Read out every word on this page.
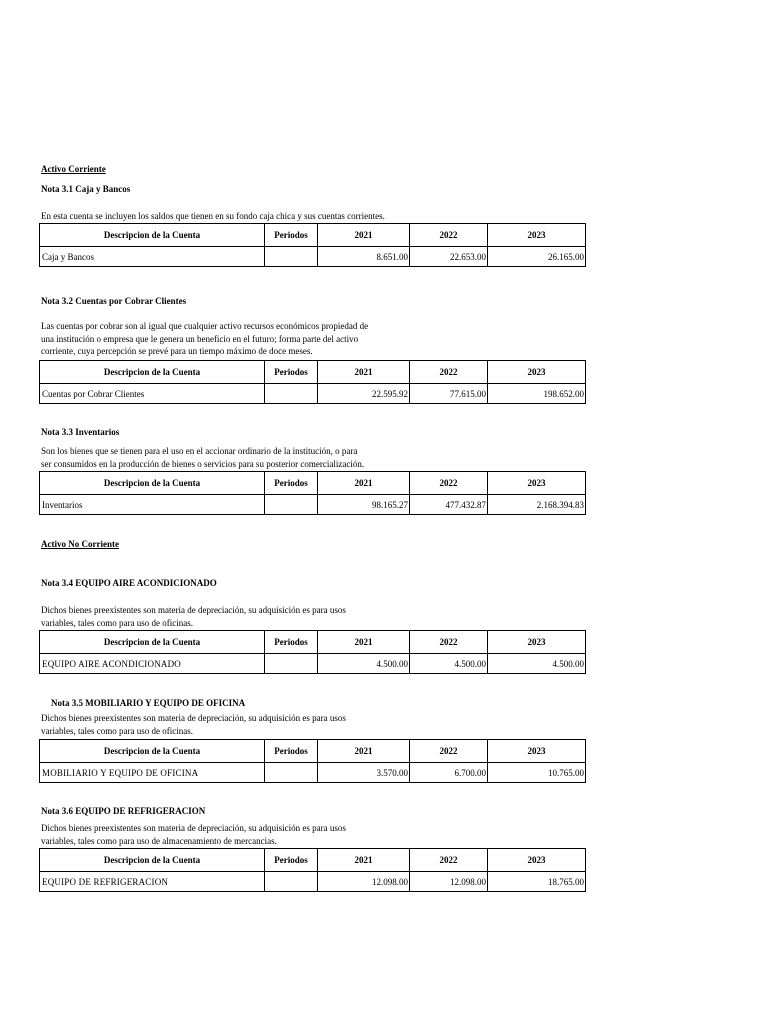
Activo Corriente
Nota 3.1 Caja y Bancos
En esta cuenta se incluyen los saldos que tienen en su fondo caja chica y sus cuentas corrientes.
Descripcion de la Cuenta	Periodos	2021	2022	2023
Caja y Bancos		8.651.00	22.653.00	26.165.00
Nota 3.2 Cuentas por Cobrar Clientes
Las cuentas por cobrar son al igual que cualquier activo recursos económicos propiedad de
una institución o empresa que le genera un beneficio en el futuro; forma parte del activo
corriente, cuya percepción se prevé para un tiempo máximo de doce meses.
Descripcion de la Cuenta	Periodos	2021	2022	2023
Cuentas por Cobrar Clientes		22.595.92	77.615.00	198.652.00
Nota 3.3 Inventarios
Son los bienes que se tienen para el uso en el accionar ordinario de la institución, o para
ser consumidos en la producción de bienes o servicios para su posterior comercialización.
Descripcion de la Cuenta	Periodos	2021	2022	2023
Inventarios		98.165.27	477.432.87	2.168.394.83
Activo No Corriente
Nota 3.4 EQUIPO AIRE ACONDICIONADO
Dichos bienes preexistentes son materia de depreciación, su adquisición es para usos
variables, tales como para uso de oficinas.
Descripcion de la Cuenta	Periodos	2021	2022	2023
EQUIPO AIRE ACONDICIONADO		4.500.00	4.500.00	4.500.00
Nota 3.5 MOBILIARIO Y EQUIPO DE OFICINA
Dichos bienes preexistentes son materia de depreciación, su adquisición es para usos
variables, tales como para uso de oficinas.
Descripcion de la Cuenta	Periodos	2021	2022	2023
MOBILIARIO Y EQUIPO DE OFICINA		3.570.00	6.700.00	10.765.00
Nota 3.6 EQUIPO DE REFRIGERACION
Dichos bienes preexistentes son materia de depreciación, su adquisición es para usos
variables, tales como para uso de almacenamiento de mercancias.
Descripcion de la Cuenta	Periodos	2021	2022	2023
EQUIPO DE REFRIGERACION		12.098.00	12.098.00	18.765.00
